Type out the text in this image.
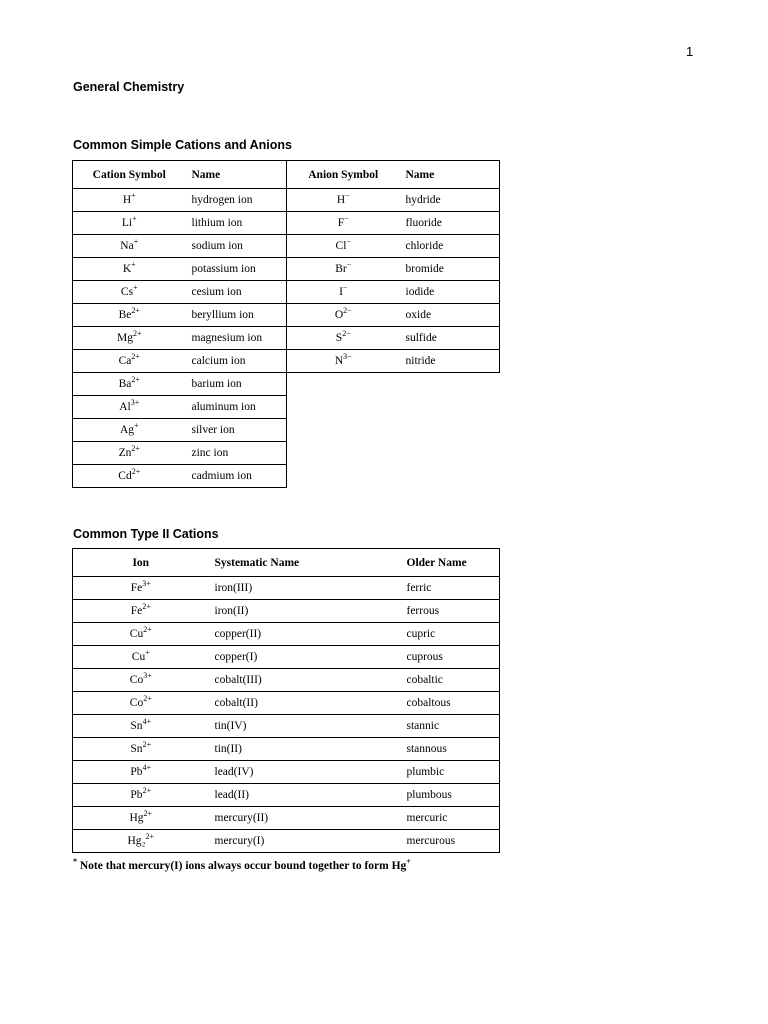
1
General Chemistry
Common Simple Cations and Anions
Cation Symbol	Name	Anion Symbol	Name
H+	hydrogen ion	H−	hydride
Li+	lithium ion	F−	fluoride
Na+	sodium ion	Cl−	chloride
K+	potassium ion	Br−	bromide
Cs+	cesium ion	I−	iodide
$Be^{2+}$	beryllium ion	$O^{2-}$	oxide
$Mg^{2+}$	magnesium ion	$S^{2-}$	sulfide
$Ca^{2+}$	calcium ion	$N^{3-}$	nitride
$Ba^{2+}$	barium ion		
$Al^{3+}$	aluminum ion		
Ag+	silver ion		
$Zn^{2+}$	zinc ion		
$Cd^{2+}$	cadmium ion		
Common Type II Cations
Ion	Systematic Name	Older Name
$Fe^{3+}$	iron(III)	ferric
$Fe^{2+}$	iron(II)	ferrous
$Cu^{2+}$	copper(II)	cupric
Cu+	copper(I)	cuprous
$Co^{3+}$	cobalt(III)	cobaltic
$Co^{2+}$	cobalt(II)	cobaltous
$Sn^{4+}$	tin(IV)	stannic
$Sn^{2+}$	tin(II)	stannous
$Pb^{4+}$	lead(IV)	plumbic
$Pb^{2+}$	lead(II)	plumbous
$Hg^{2+}$	mercury(II)	mercuric
Hg₂$^{2+}$	mercury(I)	mercurous
* Note that mercury(I) ions always occur bound together to form Hg+
